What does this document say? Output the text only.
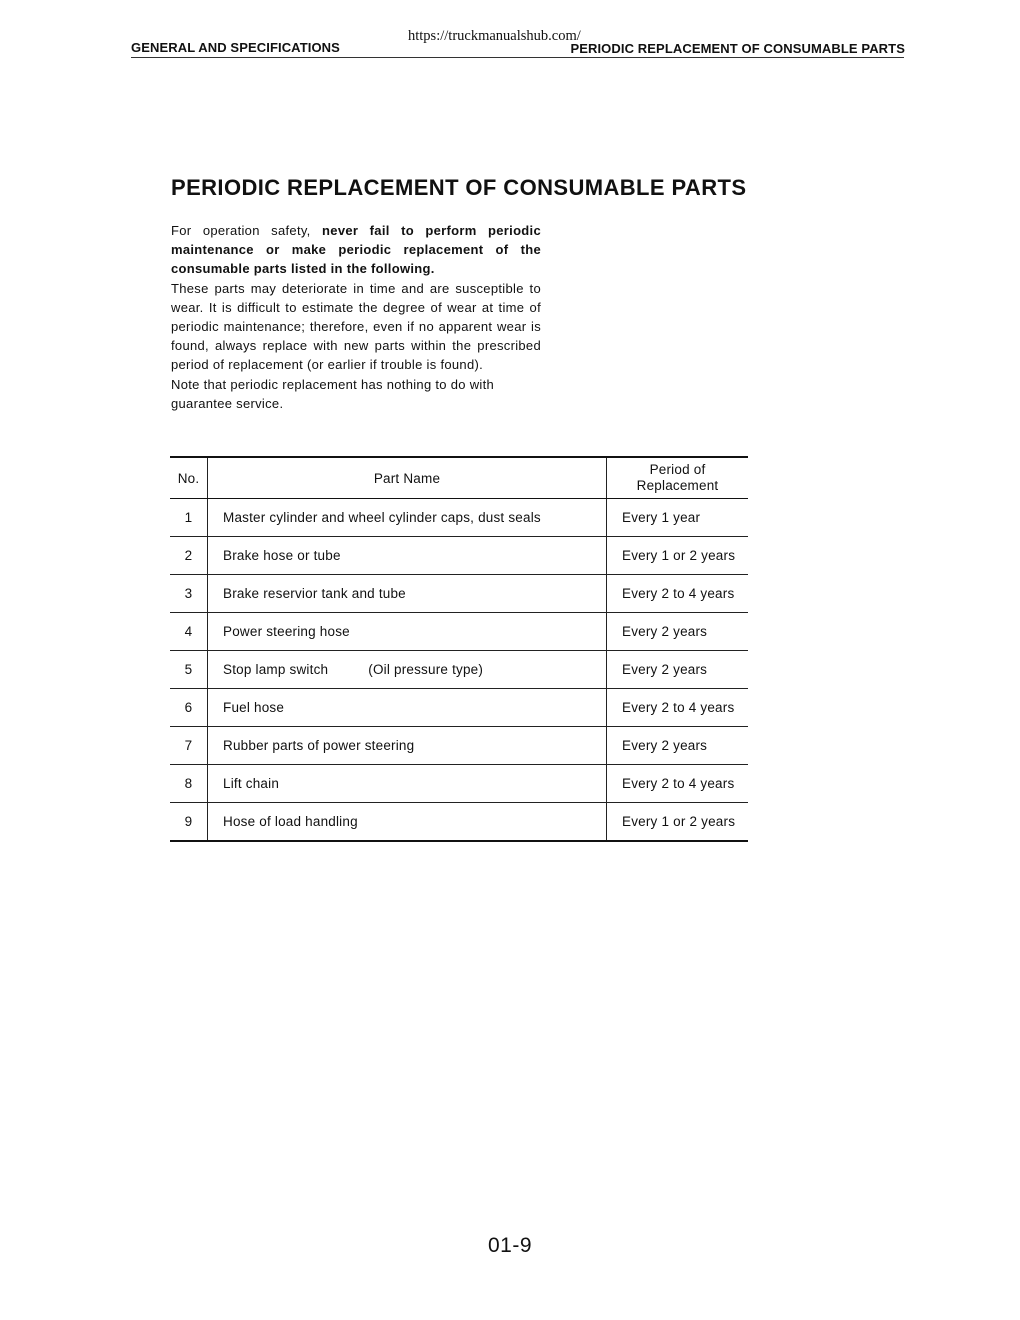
https://truckmanualshub.com/
GENERAL AND SPECIFICATIONS	PERIODIC REPLACEMENT OF CONSUMABLE PARTS
PERIODIC REPLACEMENT OF CONSUMABLE PARTS

For operation safety, never fail to perform periodic maintenance or make periodic replacement of the consumable parts listed in the following.

These parts may deteriorate in time and are susceptible to wear. It is difficult to estimate the degree of wear at time of periodic maintenance; therefore, even if no apparent wear is found, always replace with new parts within the prescribed period of replacement (or earlier if trouble is found).

Note that periodic replacement has nothing to do with guarantee service.

No.	Part Name	Period of
Replacement
1	Master cylinder and wheel cylinder caps, dust seals	Every 1 year
2	Brake hose or tube	Every 1 or 2 years
3	Brake reservior tank and tube	Every 2 to 4 years
4	Power steering hose	Every 2 years
5	Stop lamp switch (Oil pressure type)	Every 2 years
6	Fuel hose	Every 2 to 4 years
7	Rubber parts of power steering	Every 2 years
8	Lift chain	Every 2 to 4 years
9	Hose of load handling	Every 1 or 2 years
01-9
